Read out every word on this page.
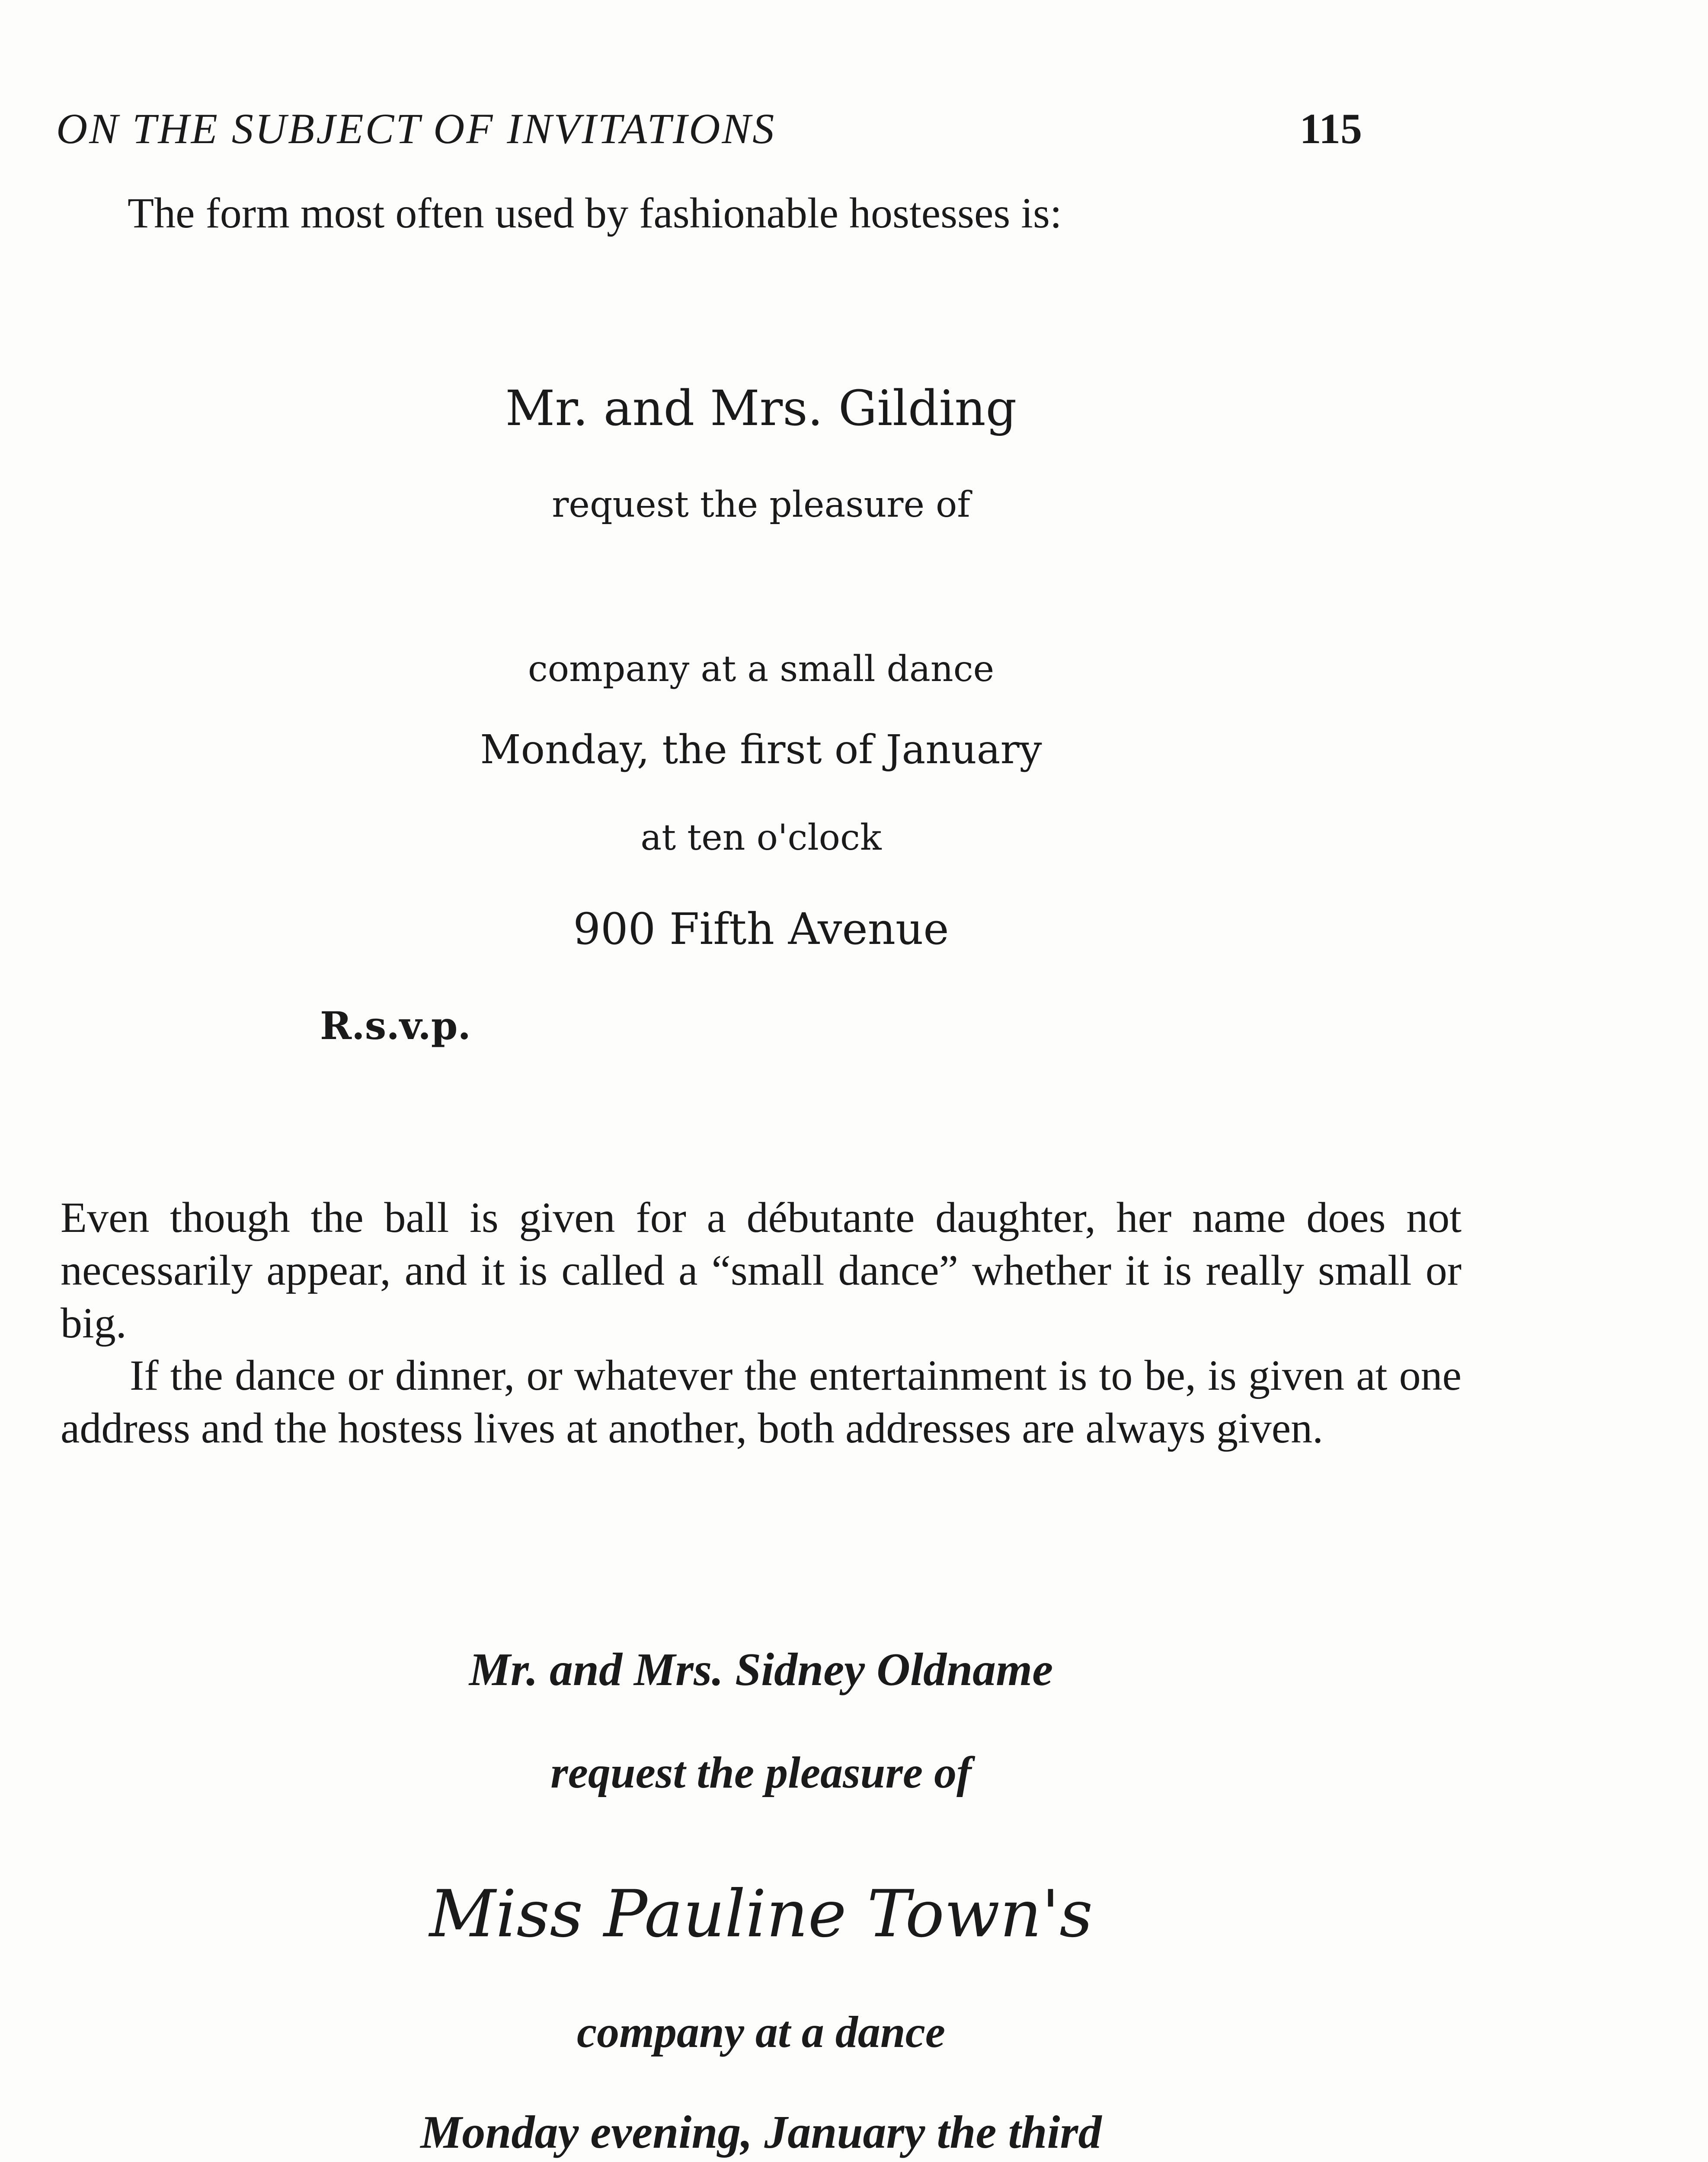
ON THE SUBJECT OF INVITATIONS	115
The form most often used by fashionable hostesses is:
Mr. and Mrs. Gilding
request the pleasure of
company at a small dance
Monday, the first of January
at ten o'clock
900 Fifth Avenue
R.s.v.p.

Even though the ball is given for a débutante daughter, her name does not necessarily appear, and it is called a “small dance” whether it is really small or big.

If the dance or dinner, or whatever the entertainment is to be, is given at one address and the hostess lives at another, both addresses are always given.

Mr. and Mrs. Sidney Oldname
request the pleasure of
Miss Pauline Town's
company at a dance
Monday evening, January the third
